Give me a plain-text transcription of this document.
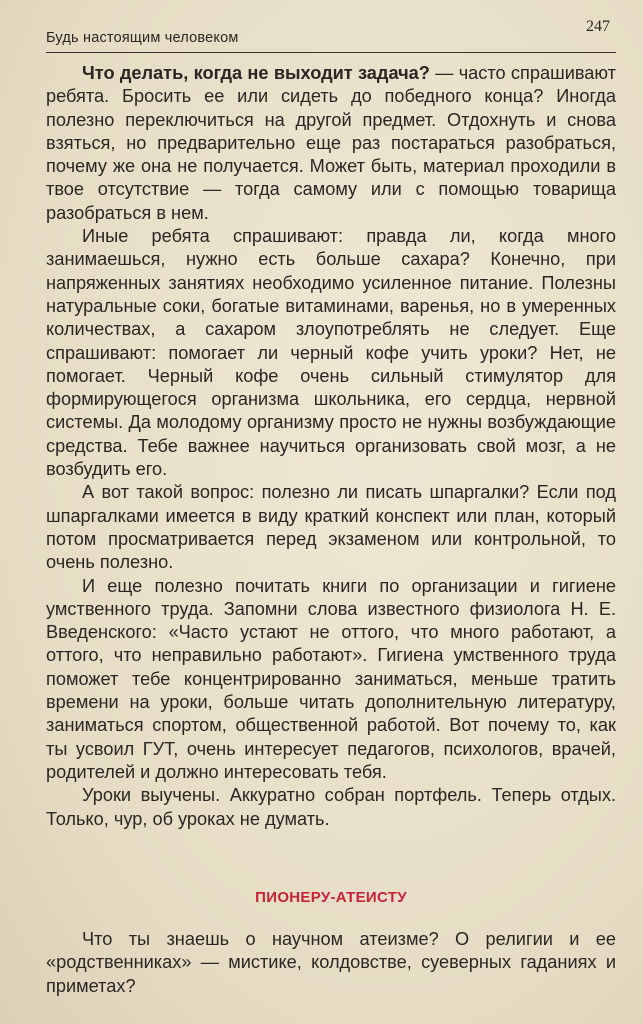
Будь настоящим человеком
247

Что делать, когда не выходит задача? — часто спрашивают ребята. Бросить ее или сидеть до победного конца? Иногда полезно переключиться на другой предмет. Отдохнуть и снова взяться, но предварительно еще раз постараться разобраться, почему же она не получается. Может быть, материал проходили в твое отсутствие — тогда самому или с помощью товарища разобраться в нем.

Иные ребята спрашивают: правда ли, когда много занимаешься, нужно есть больше сахара? Конечно, при напряженных занятиях необходимо усиленное питание. Полезны натуральные соки, богатые витаминами, варенья, но в умеренных количествах, а сахаром злоупотреблять не следует. Еще спрашивают: помогает ли черный кофе учить уроки? Нет, не помогает. Черный кофе очень сильный стимулятор для формирующегося организма школьника, его сердца, нервной системы. Да молодому организму просто не нужны возбуждающие средства. Тебе важнее научиться организовать свой мозг, а не возбудить его.

А вот такой вопрос: полезно ли писать шпаргалки? Если под шпаргалками имеется в виду краткий конспект или план, который потом просматривается перед экзаменом или контрольной, то очень полезно.

И еще полезно почитать книги по организации и гигиене умственного труда. Запомни слова известного физиолога Н. Е. Введенского: «Часто устают не оттого, что много работают, а оттого, что неправильно работают». Гигиена умственного труда поможет тебе концентрированно заниматься, меньше тратить времени на уроки, больше читать дополнительную литературу, заниматься спортом, общественной работой. Вот почему то, как ты усвоил ГУТ, очень интересует педагогов, психологов, врачей, родителей и должно интересовать тебя.

Уроки выучены. Аккуратно собран портфель. Теперь отдых. Только, чур, об уроках не думать.

ПИОНЕРУ-АТЕИСТУ

Что ты знаешь о научном атеизме? О религии и ее «родственниках» — мистике, колдовстве, суеверных гаданиях и приметах?
